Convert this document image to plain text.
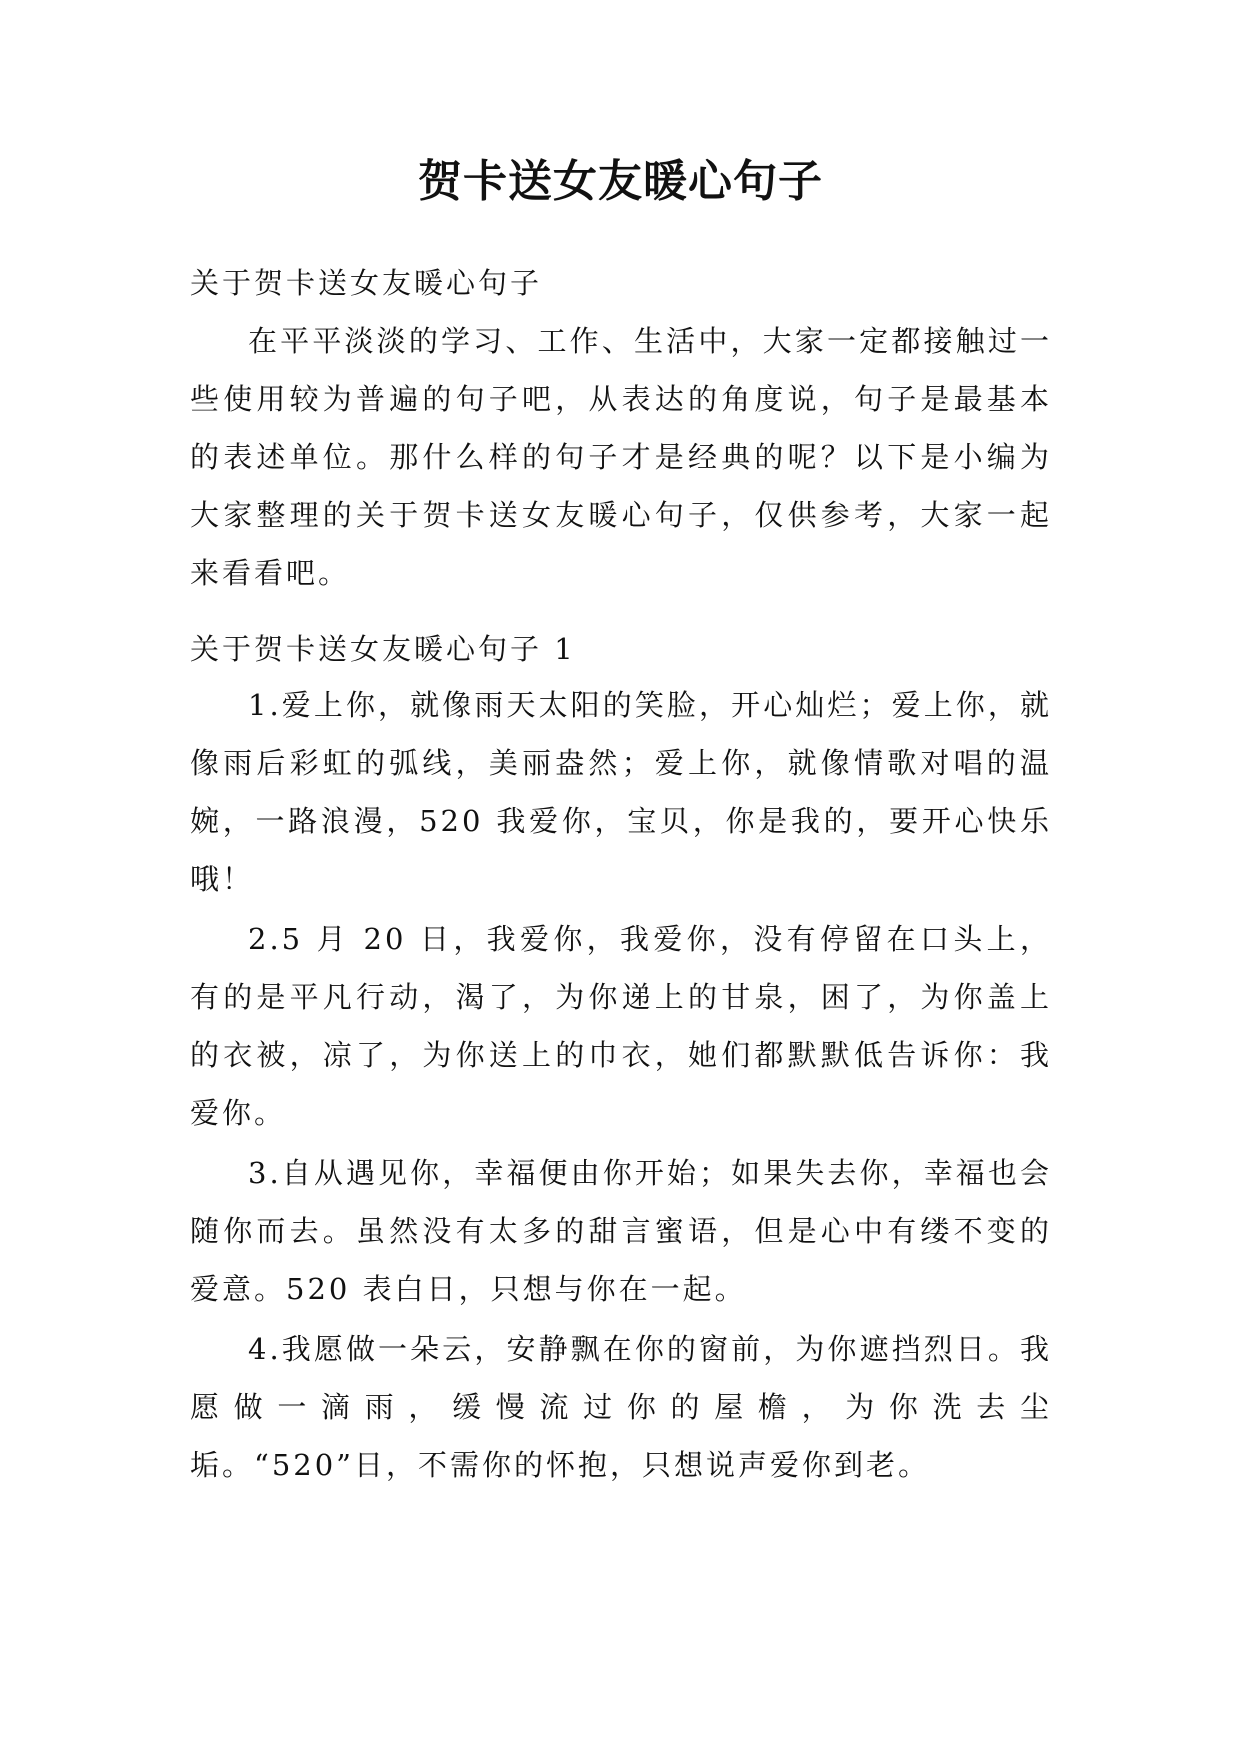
贺卡送女友暖心句子

关于贺卡送女友暖心句子

在平平淡淡的学习、工作、生活中，大家一定都接触过一些使用较为普遍的句子吧，从表达的角度说，句子是最基本的表述单位。那什么样的句子才是经典的呢？以下是小编为大家整理的关于贺卡送女友暖心句子，仅供参考，大家一起来看看吧。

关于贺卡送女友暖心句子 1

1.爱上你，就像雨天太阳的笑脸，开心灿烂；爱上你，就像雨后彩虹的弧线，美丽盎然；爱上你，就像情歌对唱的温婉，一路浪漫，520 我爱你，宝贝，你是我的，要开心快乐哦！

2.5 月 20 日，我爱你，我爱你，没有停留在口头上，有的是平凡行动，渴了，为你递上的甘泉，困了，为你盖上的衣被，凉了，为你送上的巾衣，她们都默默低告诉你：我爱你。

3.自从遇见你，幸福便由你开始；如果失去你，幸福也会随你而去。虽然没有太多的甜言蜜语，但是心中有缕不变的爱意。520 表白日，只想与你在一起。

4.我愿做一朵云，安静飘在你的窗前，为你遮挡烈日。我愿做一滴雨，缓慢流过你的屋檐，为你洗去尘垢。“520”日，不需你的怀抱，只想说声爱你到老。
